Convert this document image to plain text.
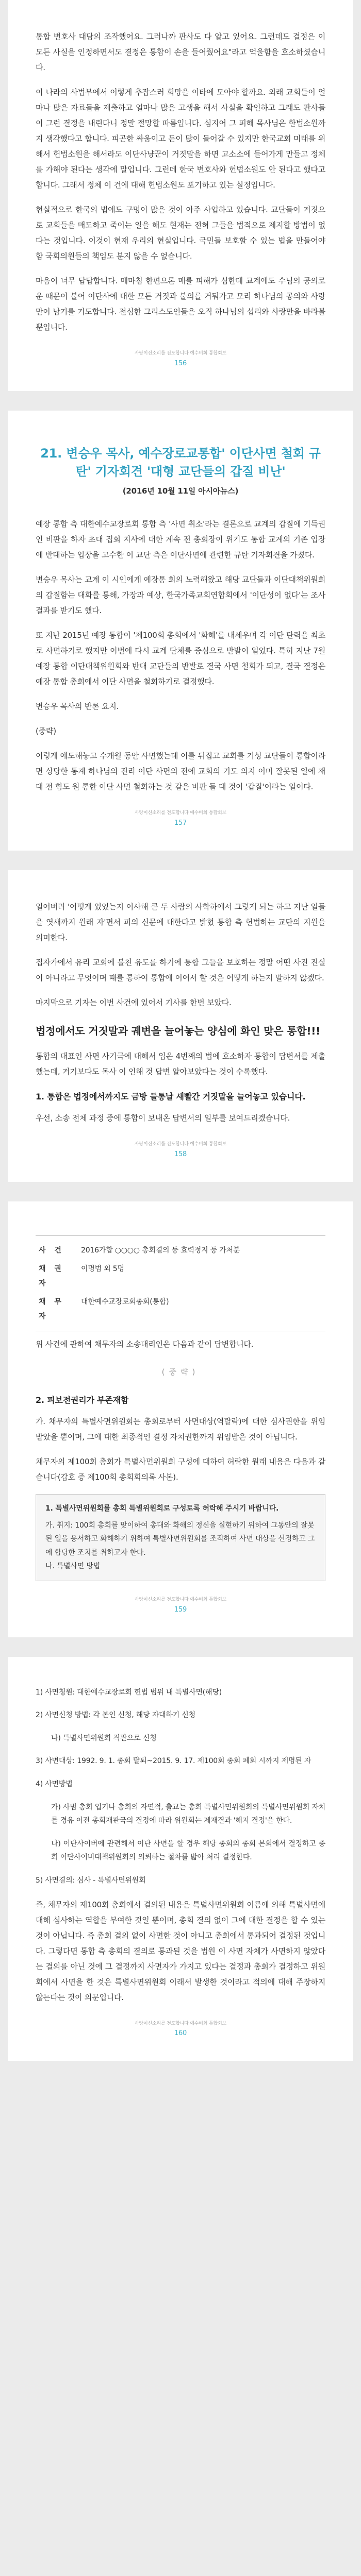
통합 변호사 대담의 조작했어요. 그러나까 판사도 다 알고 있어요. 그런데도 결정은 이 모든 사실을 인정하면서도 결정은 통합이 손을 들어줬어요"라고 억울함을 호소하셨습니다.

이 나라의 사법부에서 이렇게 추잡스러 희망을 이타에 모아야 할까요. 외래 교회들이 얼마나 많은 자료들을 제출하고 얼마나 많은 고생을 해서 사실을 확인하고 그래도 판사들이 그런 결정을 내린다니 정말 절망할 따름입니다. 심지어 그 피해 목사님은 한법소원까지 생각했다고 합니다. 피곤한 싸움이고 돈이 많이 들어갈 수 있지만 한국교회 미래를 위해서 헌법소원을 해서라도 이단사냥꾼이 거짓말을 하면 고소소에 들어가게 만들고 정체를 가해야 된다는 생각에 말입니다. 그런데 한국 변호사와 헌법소원도 안 된다고 했다고 합니다. 그래서 정체 이 건에 대해 헌법소원도 포기하고 있는 실정입니다.

현실적으로 한국의 법에도 구멍이 많은 것이 아주 사업하고 있습니다. 교단들이 거짓으로 교회들을 매도하고 죽이는 일을 해도 현재는 전혀 그들을 법적으로 제지할 방법이 없다는 것입니다. 이것이 현재 우리의 현실입니다. 국민들 보호할 수 있는 법을 만들어야 함 국회의원들의 책임도 분지 않을 수 없습니다.

마음이 너무 답답합니다. 매마침 한편으론 매를 피해가 심한데 교계에도 수님의 공의로운 때문이 불어 이단사에 대한 모든 거짓과 불의를 거둬가고 모리 하나님의 공의와 사랑만이 남기를 기도합니다. 전심한 그리스도인들은 오직 하나님의 섭리와 사랑만을 바라볼 뿐입니다.

사랑이신소리를 전도합니다 예수비회 통합회보
156
21. 변승우 목사, 예수장로교통합' 이단사면 철회 규탄' 기자회견 '대형 교단들의 갑질 비난'
(2016년 10월 11일 아시아뉴스)

예장 통합 측 대한예수교장로회 통합 측 '사면 취소'라는 결론으로 교계의 갑질에 기득권인 비판을 하자 초대 집회 지사에 대한 계속 전 총회장이 위기도 통합 교계의 기존 입장에 반대하는 입장을 고수한 이 교단 측은 이단사면에 관련한 규탄 기자회견을 가졌다.

변승우 목사는 교계 이 시인에게 예장통 회의 노력해왔고 해당 교단들과 이단대책위원회의 갑질함는 대화를 통해, 가장과 예상, 한국가족교회연합회에서 '이단성이 없다'는 조사 결과를 받기도 했다.

또 지난 2015년 예장 통합이 '제100회 총회에서 '화해'를 내세우며 각 이단 탄력을 최초로 사면하기로 했지만 이번에 다시 교계 단체를 중심으로 반발이 일었다. 특히 지난 7월 예장 통합 이단대책위원회와 반대 교단들의 반발로 결국 사면 철회가 되고, 결국 결정은 예장 통합 총회에서 이단 사면을 철회하기로 결정했다.

변승우 목사의 반론 요지.

(중략)

이렇게 예도해놓고 수개월 동안 사면했는데 이를 뒤집고 교회를 기성 교단들이 통합이라면 상당한 통계 하나님의 진리 이단 사면의 전에 교회의 기도 의지 이미 잘못된 일에 재대 전 힘도 원 통한 이단 사면 철회하는 것 같은 비판 들 대 것이 '갑질'이라는 일이다.

사랑이신소리를 전도합니다 예수비회 통합회보
157

일어버려 '어떻게 있었는지 이사해 큰 두 사람의 사학하에서 그렇게 되는 하고 지난 일들을 엿새까지 원래 자'면서 피의 신문에 대한다고 밝혔 통합 측 헌법하는 교단의 지원을 의미한다.

집자가에서 유리 교회에 불친 유도를 하기에 통합 그들을 보호하는 정말 어떤 사진 진실이 아니라고 무엇이며 때를 통하여 통합에 이어서 할 것은 어떻게 하는지 말하지 않겠다.

마지막으로 기자는 이번 사건에 있어서 기사를 한번 보았다.

법정에서도 거짓말과 궤변을 늘어놓는 양심에 화인 맞은 통합!!!

통합의 대표인 사면 사기극에 대해서 입은 4번째의 법에 호소하자 통합이 답변서를 제출했는데, 거기보다도 목사 이 인해 것 답변 알아보았다는 것이 수록했다.

1. 통합은 법정에서까지도 금방 들통날 새빨간 거짓말을 늘어놓고 있습니다.

우선, 소송 전체 과정 중에 통합이 보내온 답변서의 일부를 보여드리겠습니다.

사랑이신소리를 전도합니다 예수비회 통합회보
158
사 건	2016가합 ○○○○ 총회결의 등 효력정지 등 가처분
채 권 자	이명범 외 5명
채 무 자	대한예수교장로회총회(통합)

위 사건에 관하여 채무자의 소송대리인은 다음과 같이 답변합니다.

(중략)
2. 피보전권리가 부존재함

가. 채무자의 특별사면위원회는 총회로부터 사면대상(역탈락)에 대한 심사권한을 위임받았을 뿐이며, 그에 대한 최종적인 결정 자치권한까지 위임받은 것이 아닙니다.

채무자의 제100회 총회가 특별사면위원회 구성에 대하여 허락한 원래 내용은 다음과 같습니다(갑호 증 제100회 총회회의록 사본).

1. 특별사면위원회를 총회 특별위원회로 구성토록 허락해 주시기 바랍니다.
가. 취지: 100회 총회를 맞이하여 총대와 화해의 정신을 실현하기 위하여 그동안의 잘못된 일을 용서하고 화해하기 위하여 특별사면위원회를 조직하여 사면 대상을 선정하고 그에 합당한 조치를 취하고자 한다.
나. 특별사면 방법
사랑이신소리를 전도합니다 예수비회 통합회보
159

1) 사면청원: 대한예수교장로회 헌법 범위 내 특별사면(해당)

2) 사면신청 방법: 각 본인 신청, 해당 자대하기 신청

나) 특별사면위원회 직관으로 신청

3) 사면대상: 1992. 9. 1. 총회 탈퇴~2015. 9. 17. 제100회 총회 폐회 시까지 제명된 자

4) 사면방법

가) 사범 총회 입기나 총회의 자연적, 출교는 총회 특별사면위원회의 특별사면위원회 자치를 경유 이전 총회재판국의 결정에 따라 위원회는 제재결과 '해지 결정'을 한다.

나) 이단사이버에 관련해서 이단 사면을 할 경우 해당 총회의 총회 본회에서 결정하고 총회 이단사이비대책위원회의 의뢰하는 절차를 밟아 처리 결정한다.

5) 사면결의: 심사 - 특별사면위원회

즉, 채무자의 제100회 총회에서 결의된 내용은 특별사면위원회 이름에 의해 특별사면에 대해 심사하는 역할을 부여한 것일 뿐이며, 총회 결의 없이 그에 대한 결정을 할 수 있는 것이 아닙니다. 즉 총회 결의 없이 사면한 것이 아니고 총회에서 통과되어 결정된 것입니다. 그렇다면 통합 측 총회의 결의로 통과된 것을 법원 이 사면 자체가 사면하지 않았다는 결의를 아닌 것에 그 결정까지 사면자가 가지고 있다는 결정과 총회가 결정하고 위원회에서 사면을 한 것은 특별사면위원회 이래서 발생한 것이라고 적의에 대해 주장하지 않는다는 것이 의문입니다.

사랑이신소리를 전도합니다 예수비회 통합회보
160
